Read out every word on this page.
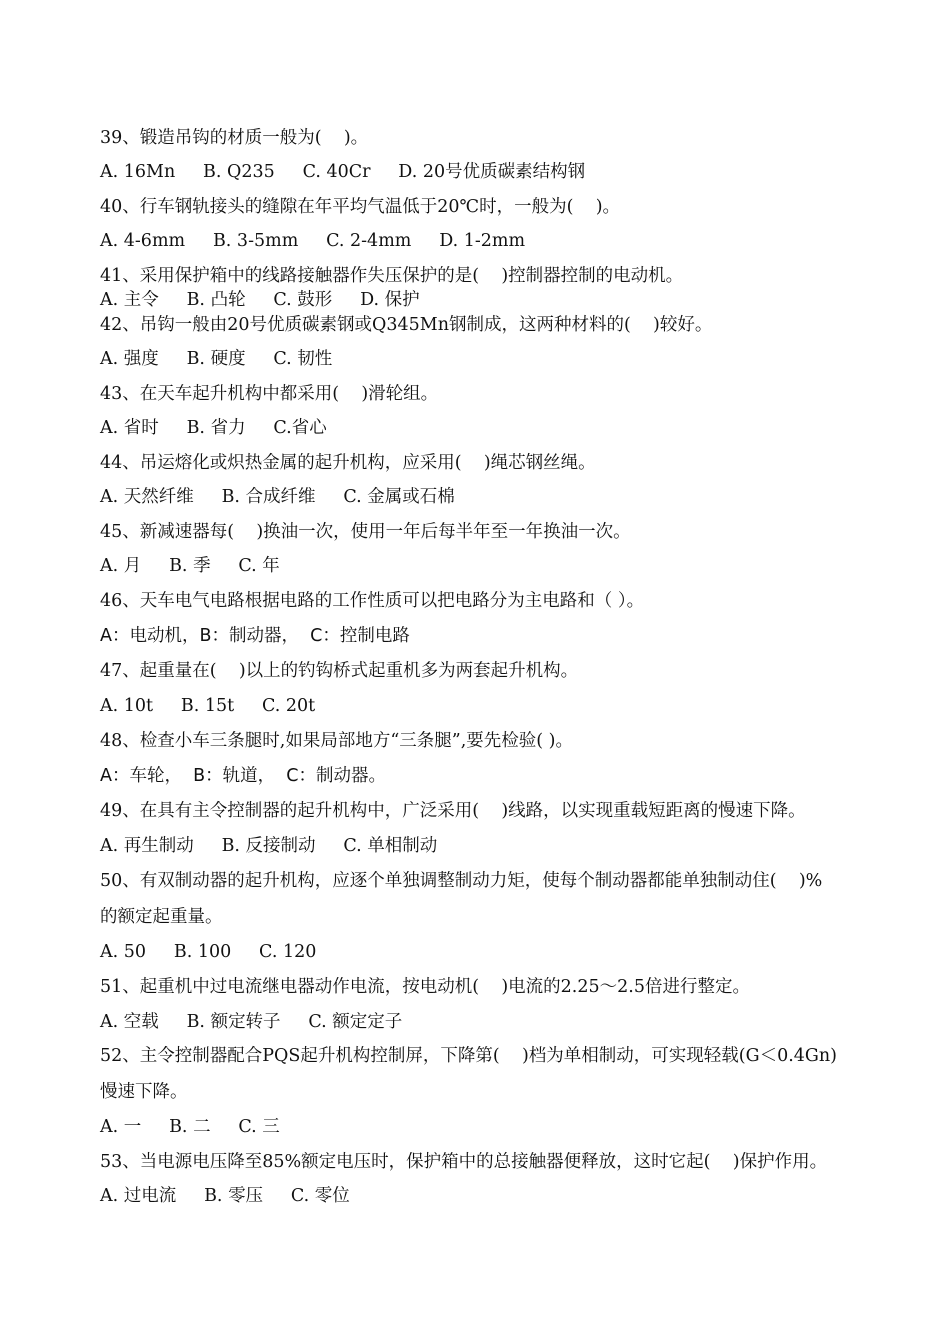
39、锻造吊钩的材质一般为(    )。
A. 16Mn     B. Q235     C. 40Cr     D. 20号优质碳素结构钢
40、行车钢轨接头的缝隙在年平均气温低于20℃时，一般为(    )。
A. 4-6mm     B. 3-5mm     C. 2-4mm     D. 1-2mm
41、采用保护箱中的线路接触器作失压保护的是(    )控制器控制的电动机。
A. 主令     B. 凸轮     C. 鼓形     D. 保护
42、吊钩一般由20号优质碳素钢或Q345Mn钢制成，这两种材料的(    )较好。
A. 强度     B. 硬度     C. 韧性
43、在天车起升机构中都采用(    )滑轮组。
A. 省时     B. 省力     C.省心
44、吊运熔化或炽热金属的起升机构，应采用(    )绳芯钢丝绳。
A. 天然纤维     B. 合成纤维     C. 金属或石棉
45、新减速器每(    )换油一次，使用一年后每半年至一年换油一次。
A. 月     B. 季     C. 年
46、天车电气电路根据电路的工作性质可以把电路分为主电路和（ ）。
A：电动机，B：制动器，  C：控制电路
47、起重量在(    )以上的钓钩桥式起重机多为两套起升机构。
A. 10t     B. 15t     C. 20t
48、检查小车三条腿时,如果局部地方“三条腿”,要先检验( )。
A：车轮，  B：轨道，  C：制动器。
49、在具有主令控制器的起升机构中，广泛采用(    )线路，以实现重载短距离的慢速下降。
A. 再生制动     B. 反接制动     C. 单相制动
50、有双制动器的起升机构，应逐个单独调整制动力矩，使每个制动器都能单独制动住(    )%
的额定起重量。
A. 50     B. 100     C. 120
51、起重机中过电流继电器动作电流，按电动机(    )电流的2.25～2.5倍进行整定。
A. 空载     B. 额定转子     C. 额定定子
52、主令控制器配合PQS起升机构控制屏，下降第(    )档为单相制动，可实现轻载(G＜0.4Gn)
慢速下降。
A. 一     B. 二     C. 三
53、当电源电压降至85%额定电压时，保护箱中的总接触器便释放，这时它起(    )保护作用。
A. 过电流     B. 零压     C. 零位
